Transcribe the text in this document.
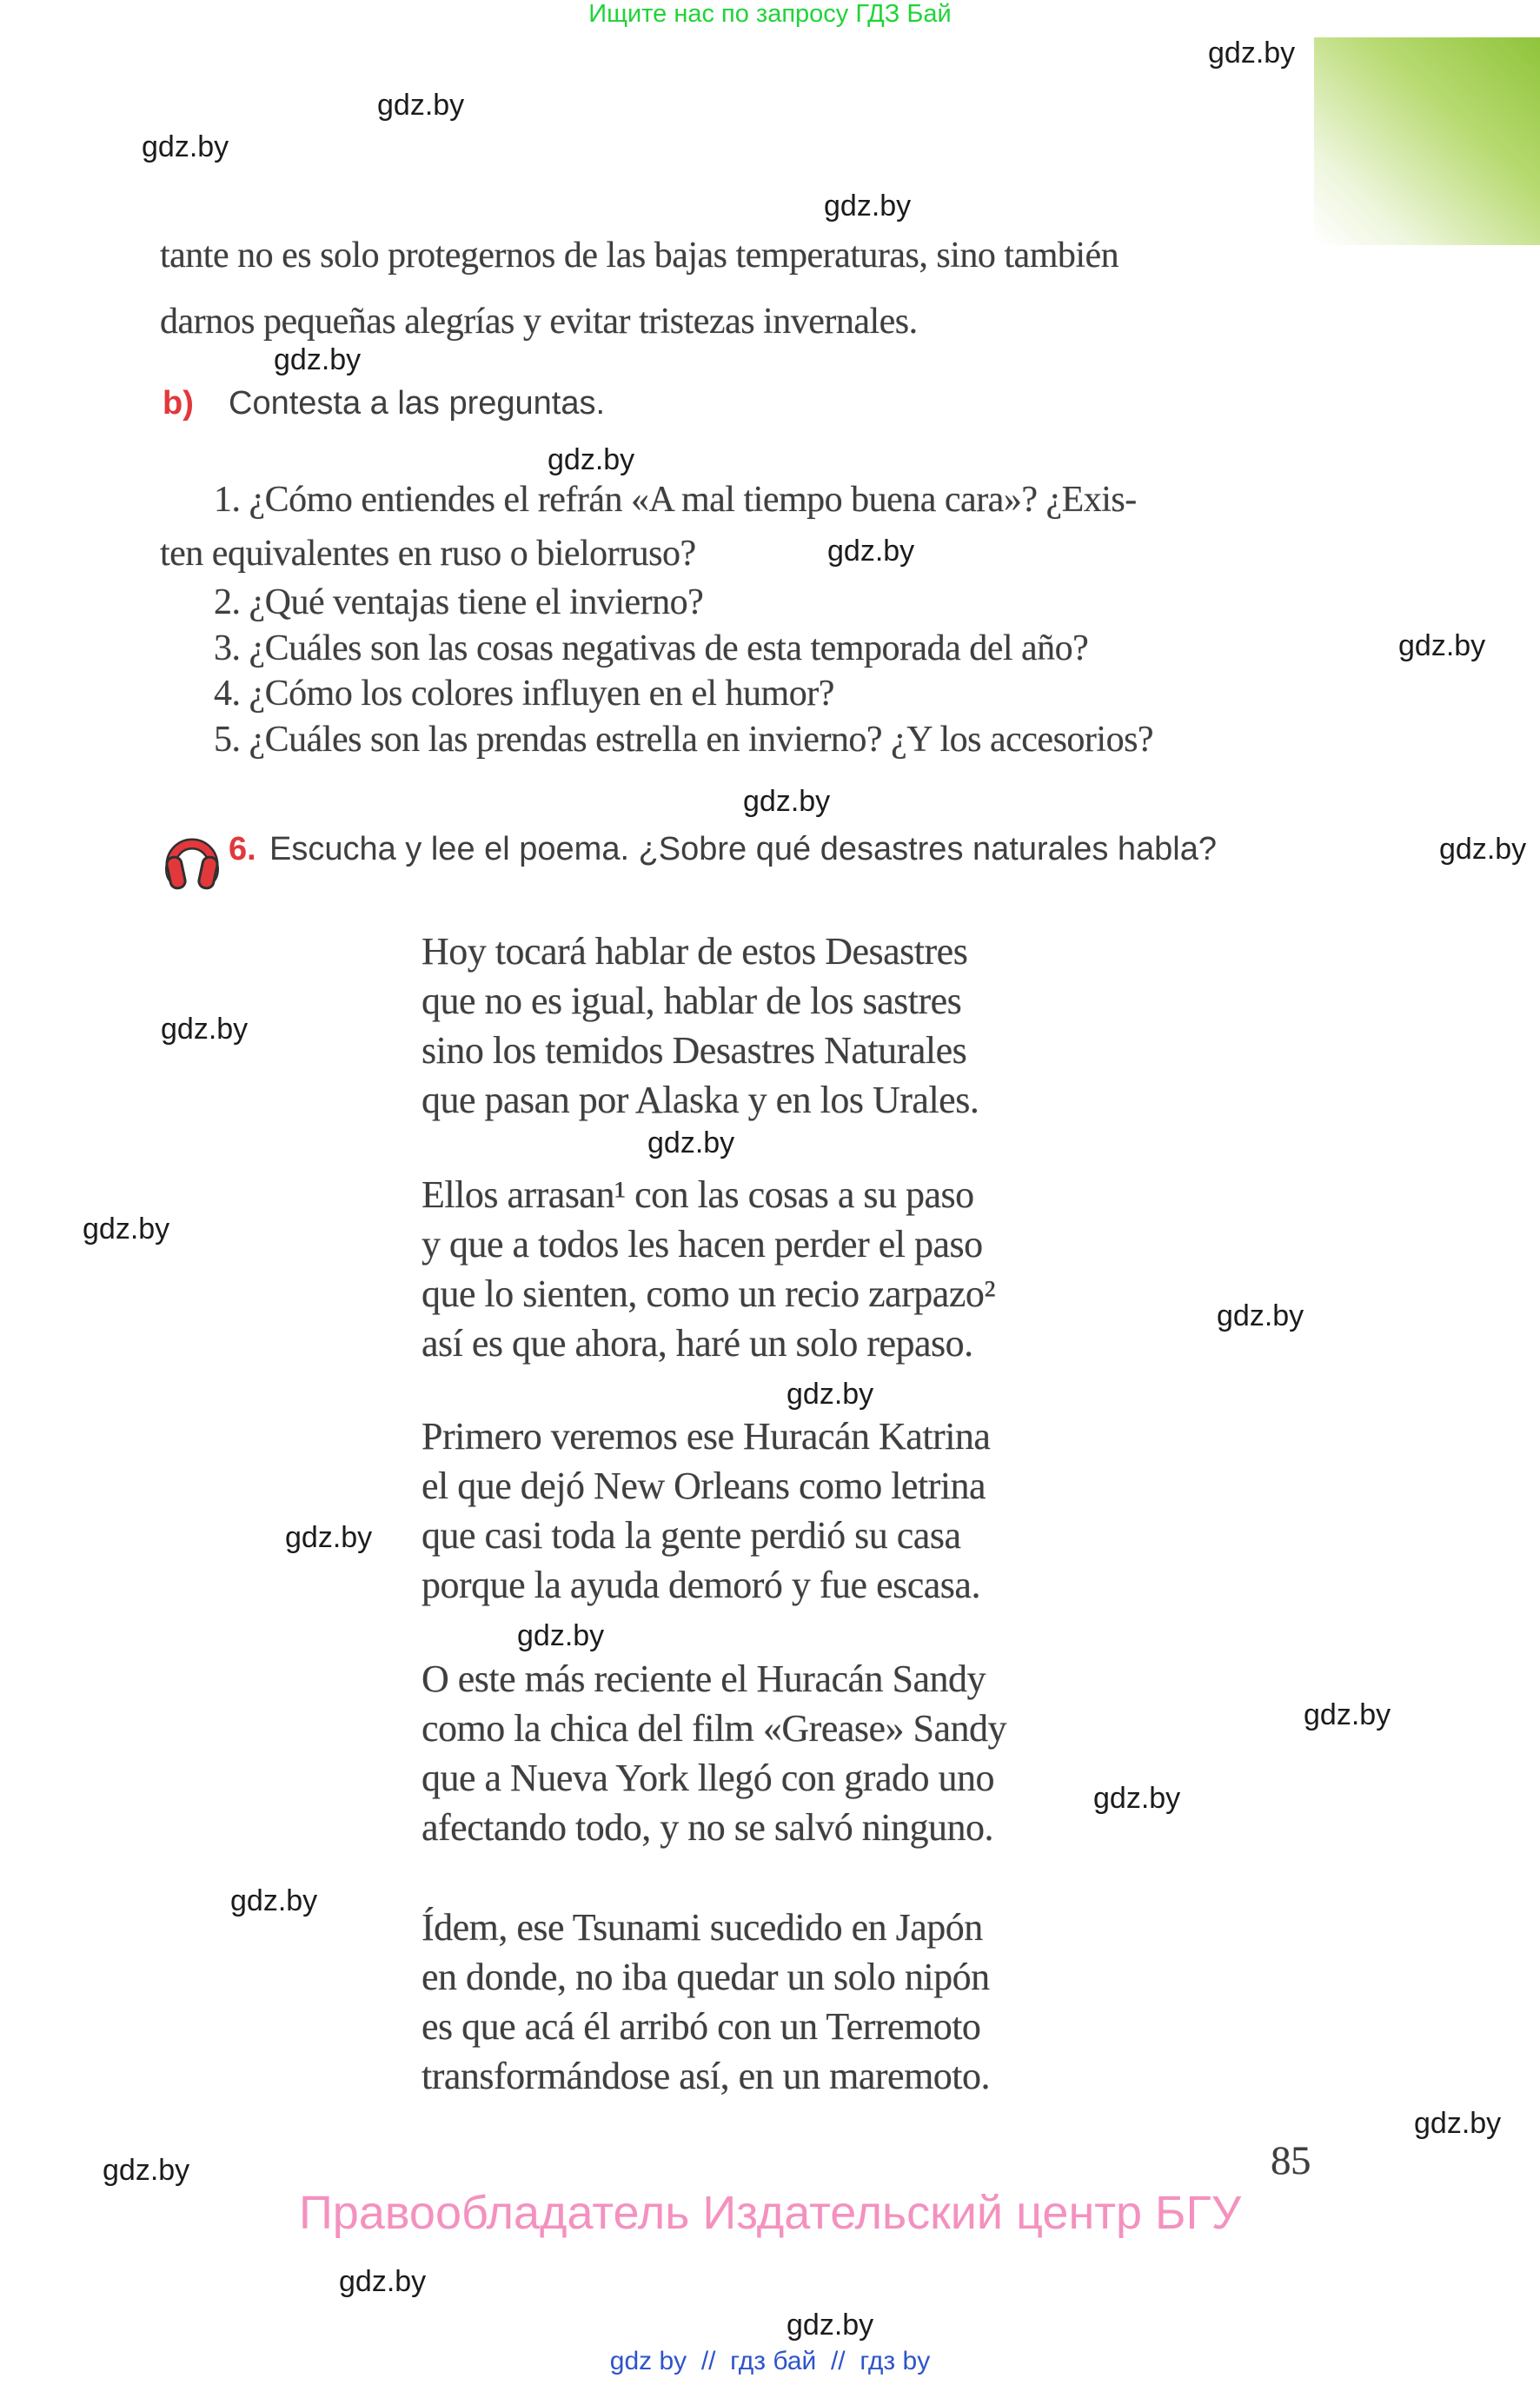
Ищите нас по запросу ГДЗ Бай
gdz.by
gdz.by
gdz.by
gdz.by
gdz.by
gdz.by
gdz.by
gdz.by
gdz.by
gdz.by
gdz.by
gdz.by
gdz.by
gdz.by
gdz.by
gdz.by
gdz.by
gdz.by
gdz.by
gdz.by
gdz.by
gdz.by
gdz.by
gdz.by
tante no es solo protegernos de las bajas temperaturas, sino también
darnos pequeñas alegrías y evitar tristezas invernales.
b) Contesta a las preguntas.
1. ¿Cómo entiendes el refrán «A mal tiempo buena cara»? ¿Exis-
ten equivalentes en ruso o bielorruso?
2. ¿Qué ventajas tiene el invierno?
3. ¿Cuáles son las cosas negativas de esta temporada del año?
4. ¿Cómo los colores influyen en el humor?
5. ¿Cuáles son las prendas estrella en invierno? ¿Y los accesorios?
6. Escucha y lee el poema. ¿Sobre qué desastres naturales habla?
Hoy tocará hablar de estos Desastres
que no es igual, hablar de los sastres
sino los temidos Desastres Naturales
que pasan por Alaska y en los Urales.
Ellos arrasan¹ con las cosas a su paso
y que a todos les hacen perder el paso
que lo sienten, como un recio zarpazo²
así es que ahora, haré un solo repaso.
Primero veremos ese Huracán Katrina
el que dejó New Orleans como letrina
que casi toda la gente perdió su casa
porque la ayuda demoró y fue escasa.
O este más reciente el Huracán Sandy
como la chica del film «Grease» Sandy
que a Nueva York llegó con grado uno
afectando todo, y no se salvó ninguno.
Ídem, ese Tsunami sucedido en Japón
en donde, no iba quedar un solo nipón
es que acá él arribó con un Terremoto
transformándose así, en un maremoto.
85
Правообладатель Издательский центр БГУ
gdz by  //  гдз бай  //  гдз by
